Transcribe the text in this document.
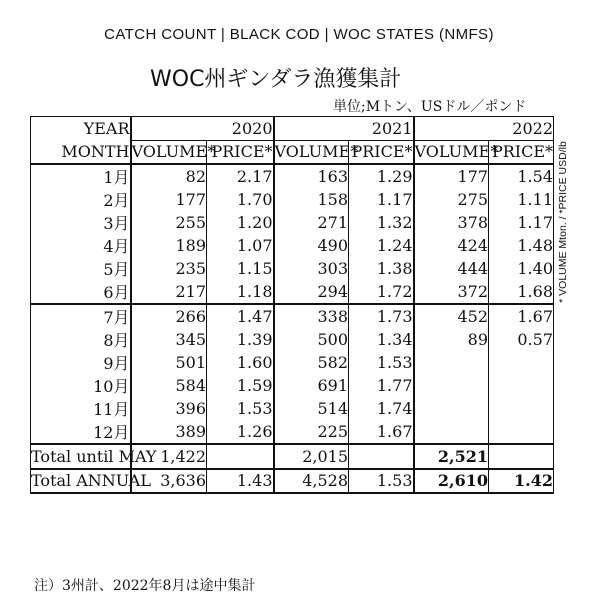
CATCH COUNT | BLACK COD | WOC STATES (NMFS)
WOC州ギンダラ漁獲集計
単位;Mトン、USドル／ポンド
* VOLUME Mton. / *PRICE USD/lb
YEAR	2020		2021		2022	
MONTH	VOLUME*	PRICE*	VOLUME*	PRICE*	VOLUME*	PRICE*
1月	82	2.17	163	1.29	177	1.54
2月	177	1.70	158	1.17	275	1.11
3月	255	1.20	271	1.32	378	1.17
4月	189	1.07	490	1.24	424	1.48
5月	235	1.15	303	1.38	444	1.40
6月	217	1.18	294	1.72	372	1.68
7月	266	1.47	338	1.73	452	1.67
8月	345	1.39	500	1.34	89	0.57
9月	501	1.60	582	1.53		
10月	584	1.59	691	1.77		
11月	396	1.53	514	1.74		
12月	389	1.26	225	1.67		
Total until MAY	1,422		2,015		2,521	
Total ANNUAL	3,636	1.43	4,528	1.53	2,610	1.42
注）3州計、2022年8月は途中集計
